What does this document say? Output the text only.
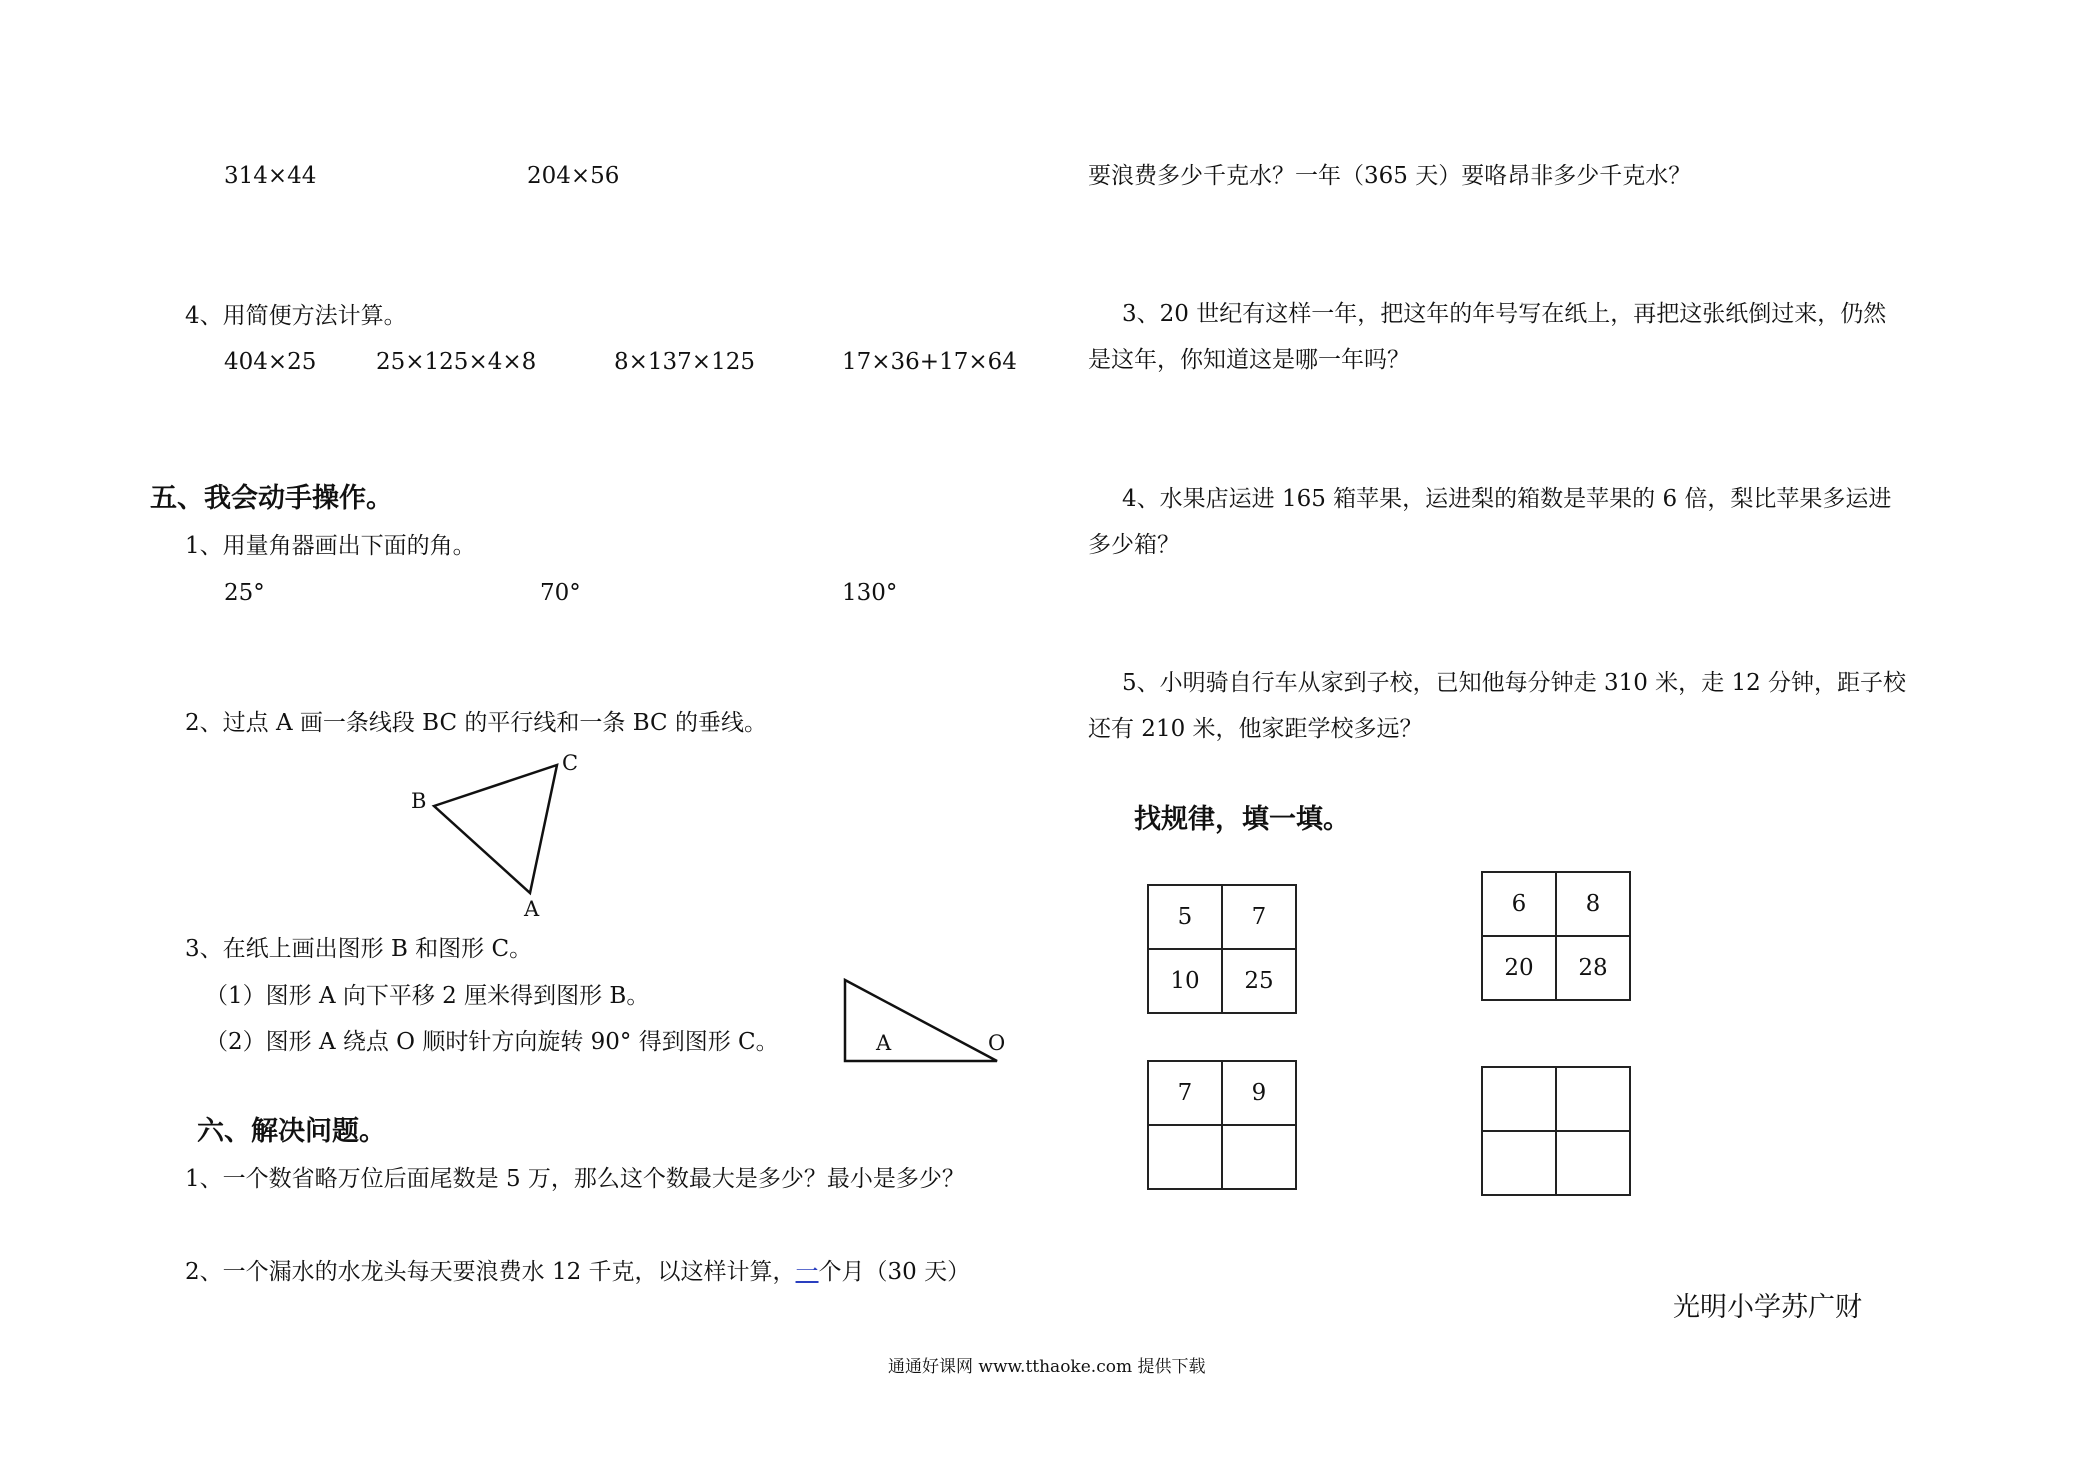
314×44	204×56
4、用简便方法计算。
404×25	25×125×4×8	8×137×125	17×36+17×64
五、我会动手操作。
1、用量角器画出下面的角。
25°	70°	130°
2、过点 A 画一条线段 BC 的平行线和一条 BC 的垂线。
B
C
A
A	O
3、在纸上画出图形 B 和图形 C。
（1）图形 A 向下平移 2 厘米得到图形 B。
（2）图形 A 绕点 O 顺时针方向旋转 90° 得到图形 C。
六、解决问题。
1、一个数省略万位后面尾数是 5 万，那么这个数最大是多少？最小是多少？
2、一个漏水的水龙头每天要浪费水 12 千克，以这样计算，一个月（30 天）
要浪费多少千克水？一年（365 天）要咯昂非多少千克水？
3、20 世纪有这样一年，把这年的年号写在纸上，再把这张纸倒过来，仍然
是这年，你知道这是哪一年吗？
4、水果店运进 165 箱苹果，运进梨的箱数是苹果的 6 倍，梨比苹果多运进
多少箱？
5、小明骑自行车从家到子校，已知他每分钟走 310 米，走 12 分钟，距子校
还有 210 米，他家距学校多远？
找规律，填一填。
5	7
10	25
6	8
20	28
7	9
光明小学苏广财
通通好课网 www.tthaoke.com 提供下载
